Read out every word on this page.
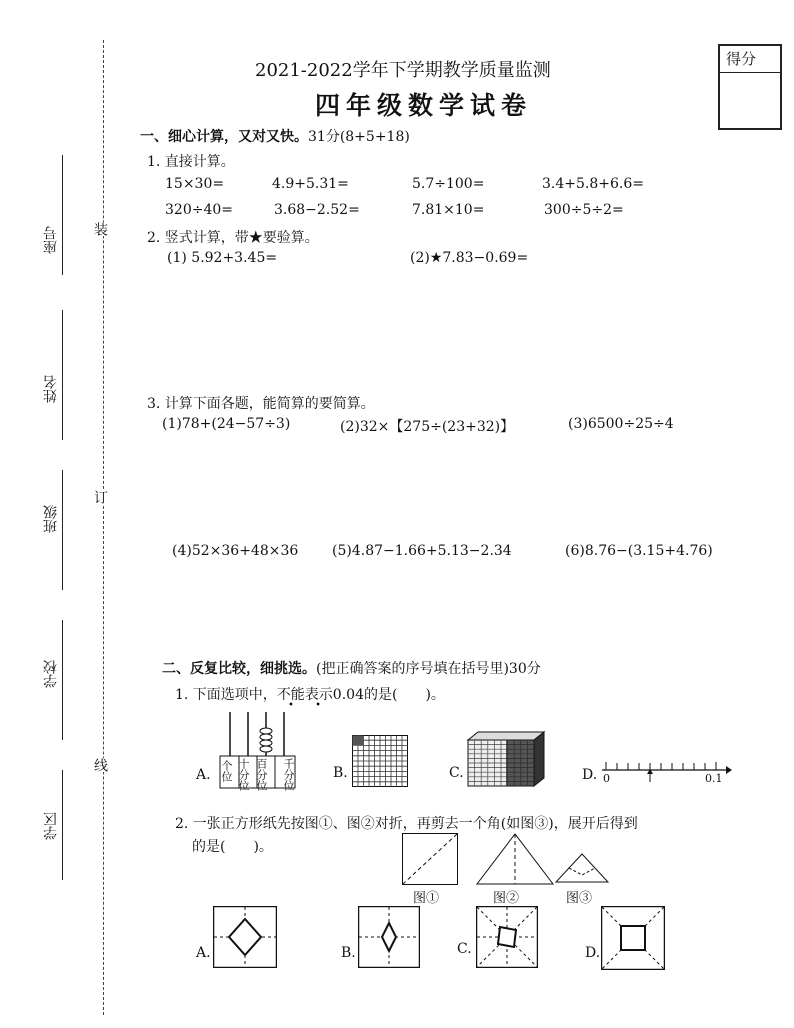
装
订
线
座号
姓名
班级
学校
学区
2021-2022学年下学期教学质量监测
四年级数学试卷
得分
一、细心计算，又对又快。31分(8+5+18)
1. 直接计算。
15×30=	4.9+5.31=	5.7÷100=	3.4+5.8+6.6=
320÷40=	3.68−2.52=	7.81×10=	300÷5÷2=
2. 竖式计算，带★要验算。
(1) 5.92+3.45=	(2)★7.83−0.69=
3. 计算下面各题，能简算的要简算。
(1)78+(24−57÷3)	(2)32×【275÷(23+32)】	(3)6500÷25÷4
(4)52×36+48×36 (5)4.87−1.66+5.13−2.34	(6)8.76−(3.15+4.76)
二、反复比较，细挑选。(把正确答案的序号填在括号里)30分
1. 下面选项中，不能表示0.04的是(　　)。
• •
A. 个位 十分位 百分位 千分位	B.	C.	D. 0	0.1
2. 一张正方形纸先按图①、图②对折，再剪去一个角(如图③)，展开后得到
的是(　　)。
图①	图②	图③
A.	B.	C.	D.
